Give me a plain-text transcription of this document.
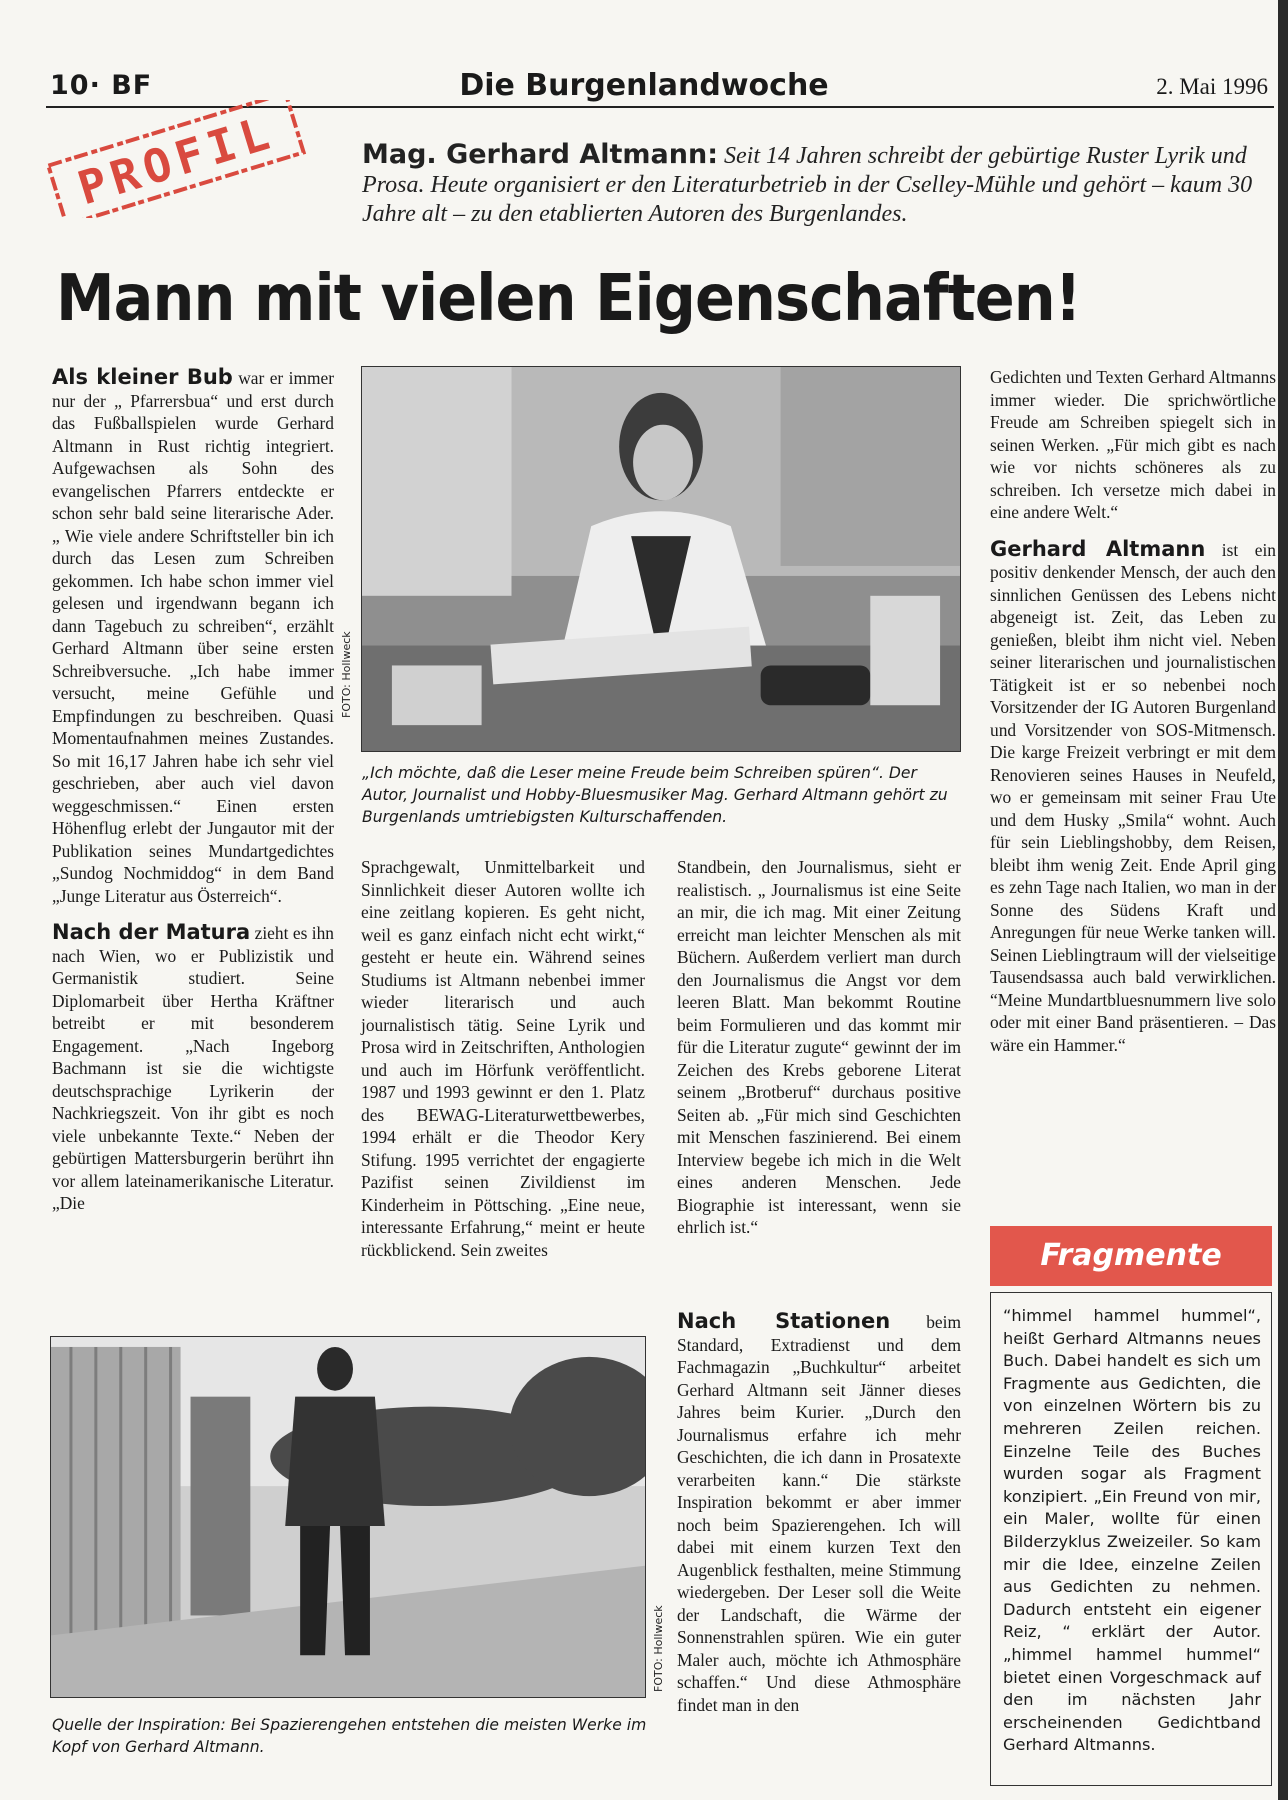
10· BF	Die Burgenlandwoche	2. Mai 1996
PROFIL	Mag. Gerhard Altmann: Seit 14 Jahren schreibt der gebürtige Ruster Lyrik und Prosa. Heute organisiert er den Literaturbetrieb in der Cselley-Mühle und gehört – kaum 30 Jahre alt – zu den etablierten Autoren des Burgenlandes.
Mann mit vielen Eigenschaften!

Als kleiner Bub war er immer nur der „ Pfarrersbua“ und erst durch das Fußballspielen wurde Gerhard Altmann in Rust richtig integriert. Aufgewachsen als Sohn des evangelischen Pfarrers entdeckte er schon sehr bald seine literarische Ader. „ Wie viele andere Schriftsteller bin ich durch das Lesen zum Schreiben gekommen. Ich habe schon immer viel gelesen und irgendwann begann ich dann Tagebuch zu schreiben“, erzählt Gerhard Altmann über seine ersten Schreibversuche. „Ich habe immer versucht, meine Gefühle und Empfindungen zu beschreiben. Quasi Momentaufnahmen meines Zustandes. So mit 16,17 Jahren habe ich sehr viel geschrieben, aber auch viel davon weggeschmissen.“ Einen ersten Höhenflug erlebt der Jungautor mit der Publikation seines Mundartgedichtes „Sundog Nochmiddog“ in dem Band „Junge Literatur aus Österreich“.

Nach der Matura zieht es ihn nach Wien, wo er Publizistik und Germanistik studiert. Seine Diplomarbeit über Hertha Kräftner betreibt er mit besonderem Engagement. „Nach Ingeborg Bachmann ist sie die wichtigste deutschsprachige Lyrikerin der Nachkriegszeit. Von ihr gibt es noch viele unbekannte Texte.“ Neben der gebürtigen Mattersburgerin berührt ihn vor allem lateinamerikanische Literatur. „Die

FOTO: Hollweck
„Ich möchte, daß die Leser meine Freude beim Schreiben spüren“. Der Autor, Journalist und Hobby-Bluesmusiker Mag. Gerhard Altmann gehört zu Burgenlands umtriebigsten Kulturschaffenden.

Sprachgewalt, Unmittelbarkeit und Sinnlichkeit dieser Autoren wollte ich eine zeitlang kopieren. Es geht nicht, weil es ganz einfach nicht echt wirkt,“ gesteht er heute ein. Während seines Studiums ist Altmann nebenbei immer wieder literarisch und auch journalistisch tätig. Seine Lyrik und Prosa wird in Zeitschriften, Anthologien und auch im Hörfunk veröffentlicht. 1987 und 1993 gewinnt er den 1. Platz des BEWAG-Literaturwettbewerbes, 1994 erhält er die Theodor Kery Stifung. 1995 verrichtet der engagierte Pazifist seinen Zivildienst im Kinderheim in Pöttsching. „Eine neue, interessante Erfahrung,“ meint er heute rückblickend. Sein zweites

Standbein, den Journalismus, sieht er realistisch. „ Journalismus ist eine Seite an mir, die ich mag. Mit einer Zeitung erreicht man leichter Menschen als mit Büchern. Außerdem verliert man durch den Journalismus die Angst vor dem leeren Blatt. Man bekommt Routine beim Formulieren und das kommt mir für die Literatur zugute“ gewinnt der im Zeichen des Krebs geborene Literat seinem „Brotberuf“ durchaus positive Seiten ab. „Für mich sind Geschichten mit Menschen faszinierend. Bei einem Interview begebe ich mich in die Welt eines anderen Menschen. Jede Biographie ist interessant, wenn sie ehrlich ist.“

Nach Stationen beim Standard, Extradienst und dem Fachmagazin „Buchkultur“ arbeitet Gerhard Altmann seit Jänner dieses Jahres beim Kurier. „Durch den Journalismus erfahre ich mehr Geschichten, die ich dann in Prosatexte verarbeiten kann.“ Die stärkste Inspiration bekommt er aber immer noch beim Spazierengehen. Ich will dabei mit einem kurzen Text den Augenblick festhalten, meine Stimmung wiedergeben. Der Leser soll die Weite der Landschaft, die Wärme der Sonnenstrahlen spüren. Wie ein guter Maler auch, möchte ich Athmosphäre schaffen.“ Und diese Athmosphäre findet man in den

FOTO: Hollweck
Quelle der Inspiration: Bei Spazierengehen entstehen die meisten Werke im Kopf von Gerhard Altmann.

Gedichten und Texten Gerhard Altmanns immer wieder. Die sprichwörtliche Freude am Schreiben spiegelt sich in seinen Werken. „Für mich gibt es nach wie vor nichts schöneres als zu schreiben. Ich versetze mich dabei in eine andere Welt.“

Gerhard Altmann ist ein positiv denkender Mensch, der auch den sinnlichen Genüssen des Lebens nicht abgeneigt ist. Zeit, das Leben zu genießen, bleibt ihm nicht viel. Neben seiner literarischen und journalistischen Tätigkeit ist er so nebenbei noch Vorsitzender der IG Autoren Burgenland und Vorsitzender von SOS-Mitmensch. Die karge Freizeit verbringt er mit dem Renovieren seines Hauses in Neufeld, wo er gemeinsam mit seiner Frau Ute und dem Husky „Smila“ wohnt. Auch für sein Lieblingshobby, dem Reisen, bleibt ihm wenig Zeit. Ende April ging es zehn Tage nach Italien, wo man in der Sonne des Südens Kraft und Anregungen für neue Werke tanken will. Seinen Lieblingtraum will der vielseitige Tausendsassa auch bald verwirklichen. “Meine Mundartbluesnummern live solo oder mit einer Band präsentieren. – Das wäre ein Hammer.“

Fragmente

“himmel hammel hummel“, heißt Gerhard Altmanns neues Buch. Dabei handelt es sich um Fragmente aus Gedichten, die von einzelnen Wörtern bis zu mehreren Zeilen reichen. Einzelne Teile des Buches wurden sogar als Fragment konzipiert. „Ein Freund von mir, ein Maler, wollte für einen Bilderzyklus Zweizeiler. So kam mir die Idee, einzelne Zeilen aus Gedichten zu nehmen. Dadurch entsteht ein eigener Reiz, “ erklärt der Autor. „himmel hammel hummel“ bietet einen Vorgeschmack auf den im nächsten Jahr erscheinenden Gedichtband Gerhard Altmanns.
